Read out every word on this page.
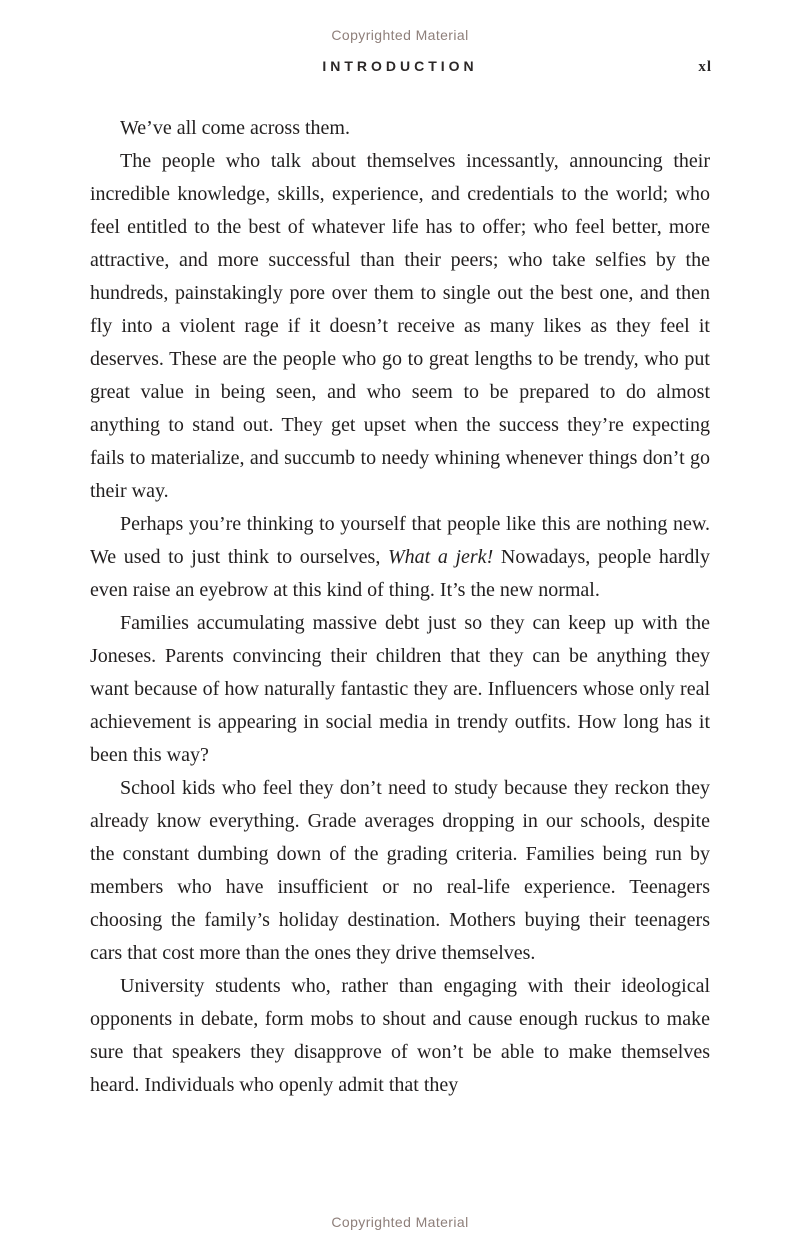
Copyrighted Material
INTRODUCTION	xl

We’ve all come across them.

The people who talk about themselves incessantly, announcing their incredible knowledge, skills, experience, and credentials to the world; who feel entitled to the best of whatever life has to offer; who feel better, more attractive, and more successful than their peers; who take selfies by the hundreds, painstakingly pore over them to single out the best one, and then fly into a violent rage if it doesn’t receive as many likes as they feel it deserves. These are the people who go to great lengths to be trendy, who put great value in being seen, and who seem to be prepared to do almost anything to stand out. They get upset when the success they’re expecting fails to materialize, and succumb to needy whining whenever things don’t go their way.

Perhaps you’re thinking to yourself that people like this are nothing new. We used to just think to ourselves, What a jerk! Nowadays, people hardly even raise an eyebrow at this kind of thing. It’s the new normal.

Families accumulating massive debt just so they can keep up with the Joneses. Parents convincing their children that they can be anything they want because of how naturally fantastic they are. Influencers whose only real achievement is appearing in social media in trendy outfits. How long has it been this way?

School kids who feel they don’t need to study because they reckon they already know everything. Grade averages dropping in our schools, despite the constant dumbing down of the grading criteria. Families being run by members who have insufficient or no real-life experience. Teenagers choosing the family’s holiday destination. Mothers buying their teenagers cars that cost more than the ones they drive themselves.

University students who, rather than engaging with their ideological opponents in debate, form mobs to shout and cause enough ruckus to make sure that speakers they disapprove of won’t be able to make themselves heard. Individuals who openly admit that they

Copyrighted Material
